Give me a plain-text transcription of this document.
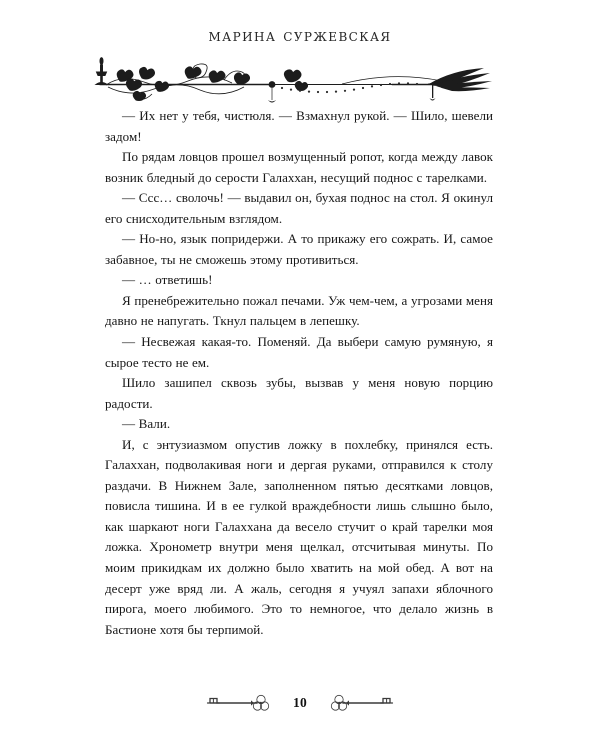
марина суржевская

— Их нет у тебя, чистюля. — Взмахнул рукой. — Шило, шевели задом!

По рядам ловцов прошел возмущенный ропот, когда между лавок возник бледный до серости Галаххан, несущий поднос с тарелками.

— Ссс… сволочь! — выдавил он, бухая поднос на стол. Я окинул его снисходительным взглядом.

— Но-но, язык попридержи. А то прикажу его сожрать. И, самое забавное, ты не сможешь этому противиться.

— … ответишь!

Я пренебрежительно пожал печами. Уж чем-чем, а угрозами меня давно не напугать. Ткнул пальцем в лепешку.

— Несвежая какая-то. Поменяй. Да выбери самую румяную, я сырое тесто не ем.

Шило зашипел сквозь зубы, вызвав у меня новую порцию радости.

— Вали.

И, с энтузиазмом опустив ложку в похлебку, принялся есть. Галаххан, подволакивая ноги и дергая руками, отправился к столу раздачи. В Нижнем Зале, заполненном пятью десятками ловцов, повисла тишина. И в ее гулкой враждебности лишь слышно было, как шаркают ноги Галаххана да весело стучит о край тарелки моя ложка. Хронометр внутри меня щелкал, отсчитывая минуты. По моим прикидкам их должно было хватить на мой обед. А вот на десерт уже вряд ли. А жаль, сегодня я учуял запахи яблочного пирога, моего любимого. Это то немногое, что делало жизнь в Бастионе хотя бы терпимой.

10
